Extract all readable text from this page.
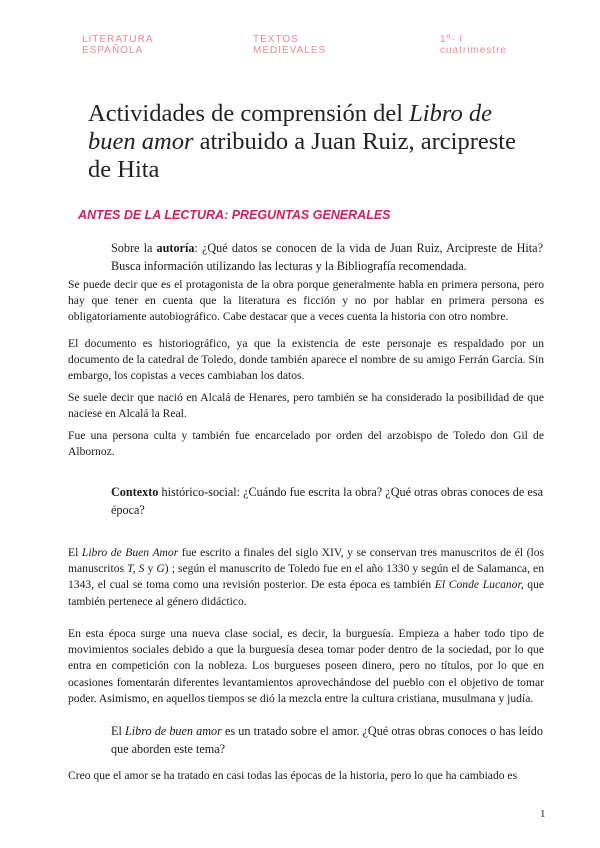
LITERATURA
ESPAÑOLA
TEXTOS
MEDIEVALES
1º- I
cuatrimestre
Actividades de comprensión del Libro de buen amor atribuido a Juan Ruiz, arcipreste de Hita
ANTES DE LA LECTURA: PREGUNTAS GENERALES
Sobre la autoría: ¿Qué datos se conocen de la vida de Juan Ruiz, Arcipreste de Hita? Busca información utilizando las lecturas y la Bibliografía recomendada.
Se puede decir que es el protagonista de la obra porque generalmente habla en primera persona, pero hay que tener en cuenta que la literatura es ficción y no por hablar en primera persona es obligatoriamente autobiográfico. Cabe destacar que a veces cuenta la historia con otro nombre.
El documento es historiográfico, ya que la existencia de este personaje es respaldado por un documento de la catedral de Toledo, donde también aparece el nombre de su amigo Ferrán García. Sin embargo, los copistas a veces cambiaban los datos.
Se suele decir que nació en Alcalá de Henares, pero también se ha considerado la posibilidad de que naciese en Alcalá la Real.
Fue una persona culta y también fue encarcelado por orden del arzobispo de Toledo don Gil de Albornoz.
Contexto histórico-social: ¿Cuándo fue escrita la obra? ¿Qué otras obras conoces de esa época?
El Libro de Buen Amor fue escrito a finales del siglo XIV, y se conservan tres manuscritos de él (los manuscritos T, S y G) ; según el manuscrito de Toledo fue en el año 1330 y según el de Salamanca, en 1343, el cual se toma como una revisión posterior. De esta época es también El Conde Lucanor, que también pertenece al género didáctico.
En esta época surge una nueva clase social, es decir, la burguesía. Empieza a haber todo tipo de movimientos sociales debido a que la burguesía desea tomar poder dentro de la sociedad, por lo que entra en competición con la nobleza. Los burgueses poseen dinero, pero no títulos, por lo que en ocasiones fomentarán diferentes levantamientos aprovechándose del pueblo con el objetivo de tomar poder. Asimismo, en aquellos tiempos se dió la mezcla entre la cultura cristiana, musulmana y judía.
El Libro de buen amor es un tratado sobre el amor. ¿Qué otras obras conoces o has leído que aborden este tema?
Creo que el amor se ha tratado en casi todas las épocas de la historia, pero lo que ha cambiado es
1
